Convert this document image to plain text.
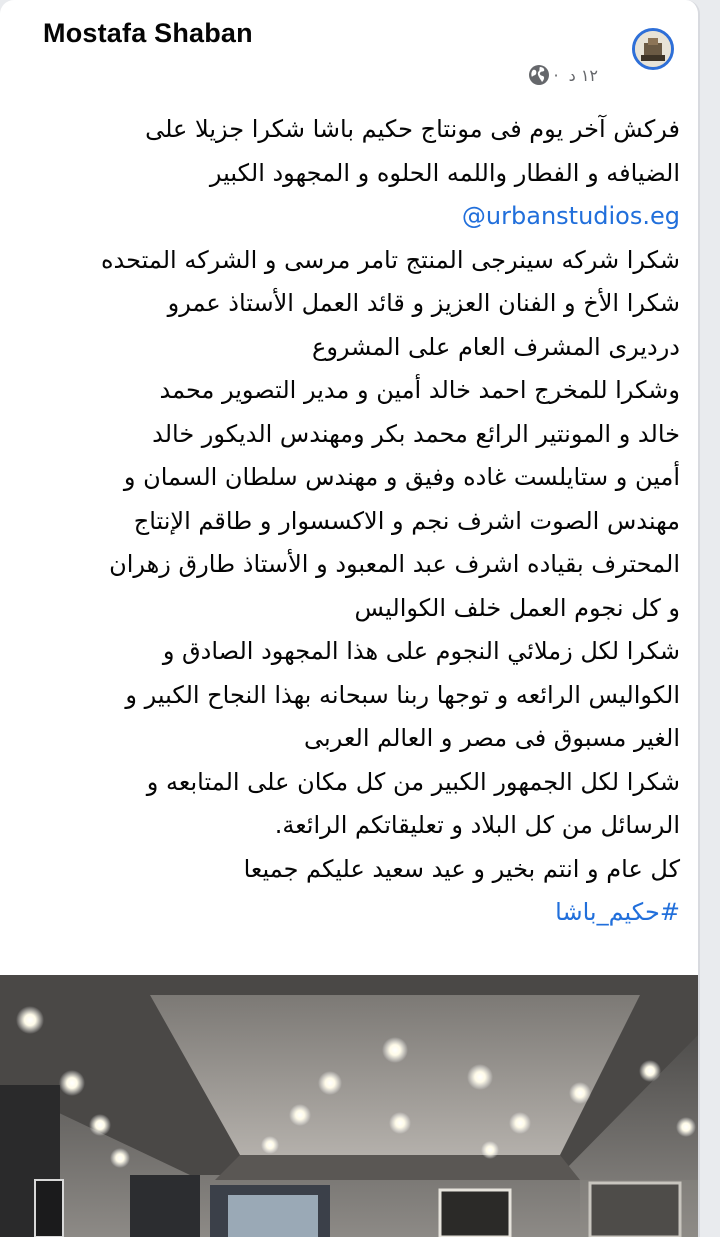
Mostafa Shaban
١٢ د
·
فركش آخر يوم فى مونتاج حكيم باشا شكرا جزيلا على
الضيافه و الفطار واللمه الحلوه و المجهود الكبير
@urbanstudios.eg
شكرا شركه سينرجى المنتج تامر مرسى و الشركه المتحده
شكرا الأخ و الفنان العزيز و قائد العمل الأستاذ عمرو
درديرى المشرف العام على المشروع
وشكرا للمخرج احمد خالد أمين و مدير التصوير محمد
خالد و المونتير الرائع محمد بكر ومهندس الديكور خالد
أمين و ستايلست غاده وفيق و مهندس سلطان السمان و
مهندس الصوت اشرف نجم و الاكسسوار و طاقم الإنتاج
المحترف بقياده اشرف عبد المعبود و الأستاذ طارق زهران
و كل نجوم العمل خلف الكواليس
شكرا لكل زملائي النجوم على هذا المجهود الصادق و
الكواليس الرائعه و توجها ربنا سبحانه بهذا النجاح الكبير و
الغير مسبوق فى مصر و العالم العربى
شكرا لكل الجمهور الكبير من كل مكان على المتابعه و
الرسائل من كل البلاد و تعليقاتكم الرائعة.
كل عام و انتم بخير و عيد سعيد عليكم جميعا
#حكيم_باشا
